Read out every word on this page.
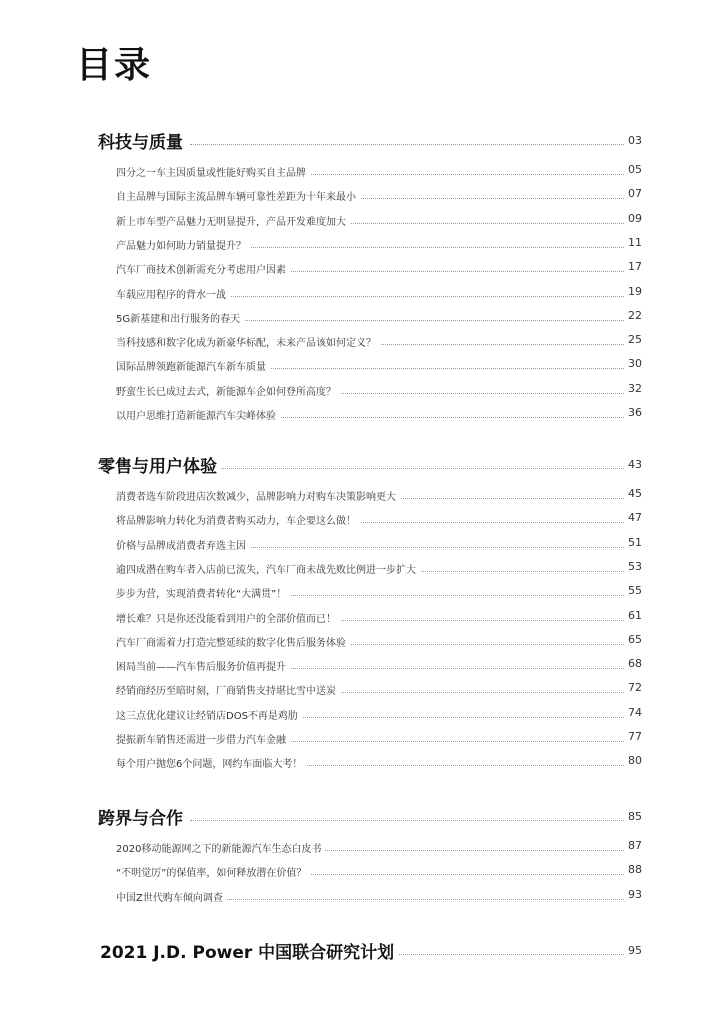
目录
科技与质量	03
四分之一车主因质量或性能好购买自主品牌	05
自主品牌与国际主流品牌车辆可靠性差距为十年来最小	07
新上市车型产品魅力无明显提升，产品开发难度加大	09
产品魅力如何助力销量提升？	11
汽车厂商技术创新需充分考虑用户因素	17
车载应用程序的背水一战	19
5G新基建和出行服务的春天	22
当科技感和数字化成为新豪华标配，未来产品该如何定义？	25
国际品牌领跑新能源汽车新车质量	30
野蛮生长已成过去式，新能源车企如何登所高度？	32
以用户思维打造新能源汽车尖峰体验	36
零售与用户体验	43
消费者选车阶段进店次数减少，品牌影响力对购车决策影响更大	45
将品牌影响力转化为消费者购买动力，车企要这么做！	47
价格与品牌成消费者弃选主因	51
逾四成潜在购车者入店前已流失，汽车厂商未战先败比例进一步扩大	53
步步为营，实现消费者转化“大满贯”！	55
增长难？只是你还没能看到用户的全部价值而已！	61
汽车厂商需着力打造完整延续的数字化售后服务体验	65
困局当前——汽车售后服务价值再提升	68
经销商经历至暗时刻，厂商销售支持堪比雪中送炭	72
这三点优化建议让经销店DOS不再是鸡肋	74
提振新车销售还需进一步借力汽车金融	77
每个用户抛您6个问题，网约车面临大考！	80
跨界与合作	85
2020移动能源网之下的新能源汽车生态白皮书	87
“不明觉厉”的保值率，如何释放潜在价值？	88
中国Z世代购车倾向调查	93
2021 J.D. Power 中国联合研究计划	95
